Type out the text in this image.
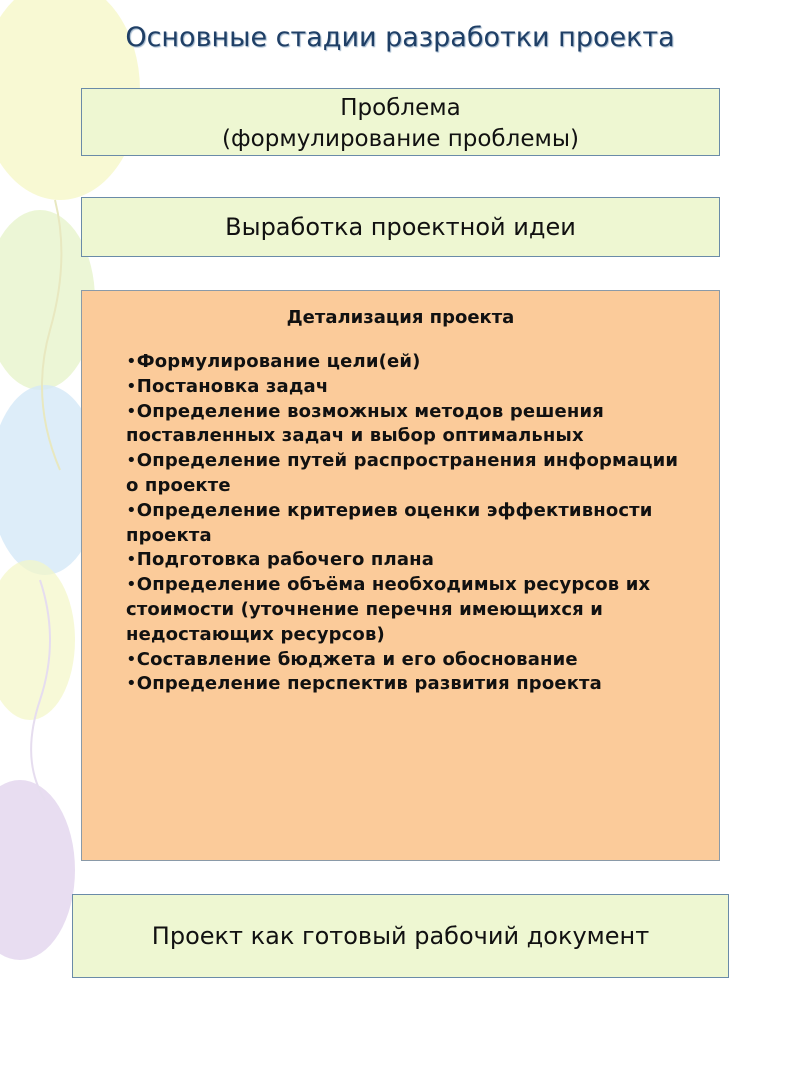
Основные стадии разработки проекта
Проблема
(формулирование проблемы)
Выработка проектной идеи
Детализация проекта
•Формулирование цели(ей)
•Постановка задач
•Определение возможных методов решения поставленных задач и выбор оптимальных
•Определение путей распространения информации о проекте
•Определение критериев оценки эффективности проекта
•Подготовка рабочего плана
•Определение объёма необходимых ресурсов их стоимости (уточнение перечня имеющихся и недостающих ресурсов)
•Составление бюджета и его обоснование
•Определение перспектив развития проекта
Проект как готовый рабочий документ
